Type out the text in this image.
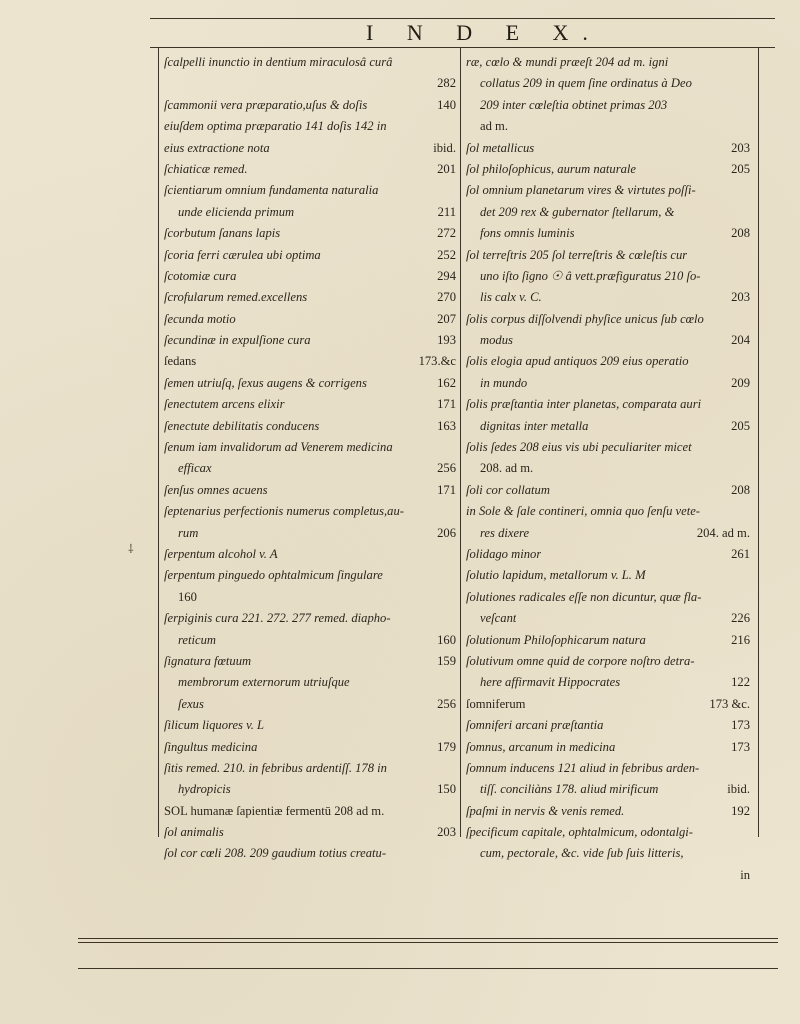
I N D E X.
ſcalpelli inunctio in dentium miraculosâ curâ
282
ſcammonii vera præparatio,uſus & doſis	140
eiuſdem optima præparatio 141 doſis 142 in
eius extractione nota	ibid.
ſchiaticæ remed.	201
ſcientiarum omnium fundamenta naturalia
unde elicienda primum	211
ſcorbutum ſanans lapis	272
ſcoria ferri cærulea ubi optima	252
ſcotomiæ cura	294
ſcrofularum remed.excellens	270
ſecunda motio	207
ſecundinæ in expulſione cura	193
ſedans	173.&c
ſemen utriuſq, ſexus augens & corrigens	162
ſenectutem arcens elixir	171
ſenectute debilitatis conducens	163
ſenum iam invalidorum ad Venerem medicina
efficax	256
ſenſus omnes acuens	171
ſeptenarius perfectionis numerus completus,au-
rum	206
ſerpentum alcohol v. A
ſerpentum pinguedo ophtalmicum ſingulare
160
ſerpiginis cura 221. 272. 277 remed. diapho-
reticum	160
ſignatura fœtuum	159
membrorum externorum utriuſque
ſexus	256
ſilicum liquores v. L
ſingultus medicina	179
ſitis remed. 210. in febribus ardentiſſ. 178 in
hydropicis	150
SOL humanæ ſapientiæ fermentū 208 ad m.
ſol animalis	203
ſol cor cœli 208. 209 gaudium totius creatu-
ræ, cœlo & mundi præeſt 204 ad m. igni
collatus 209 in quem ſine ordinatus à Deo
209 inter cœleſtia obtinet primas 203
ad m.
ſol metallicus	203
ſol philoſophicus, aurum naturale	205
ſol omnium planetarum vires & virtutes poſſi-
det 209 rex & gubernator ſtellarum, &
fons omnis luminis	208
ſol terreſtris 205 ſol terreſtris & cœleſtis cur
uno iſto ſigno ☉ â vett.præfiguratus 210 ſo-
lis calx v. C.	203
ſolis corpus diſſolvendi phyſice unicus ſub cœlo
modus	204
ſolis elogia apud antiquos 209 eius operatio
in mundo	209
ſolis præſtantia inter planetas, comparata auri
dignitas inter metalla	205
ſolis ſedes 208 eius vis ubi peculiariter micet
208. ad m.
ſoli cor collatum	208
in Sole & ſale contineri, omnia quo ſenſu vete-
res dixere	204. ad m.
ſolidago minor	261
ſolutio lapidum, metallorum v. L. M
ſolutiones radicales eſſe non dicuntur, quæ fla-
veſcant	226
ſolutionum Philoſophicarum natura	216
ſolutivum omne quid de corpore noſtro detra-
here affirmavit Hippocrates	122
ſomniferum	173 &c.
ſomniferi arcani præſtantia	173
ſomnus, arcanum in medicina	173
ſomnum inducens 121 aliud in febribus arden-
tiſſ. conciliàns 178. aliud mirificum	ibid.
ſpaſmi in nervis & venis remed.	192
ſpecificum capitale, ophtalmicum, odontalgi-
cum, pectorale, &c. vide ſub ſuis litteris,
in
⸸
